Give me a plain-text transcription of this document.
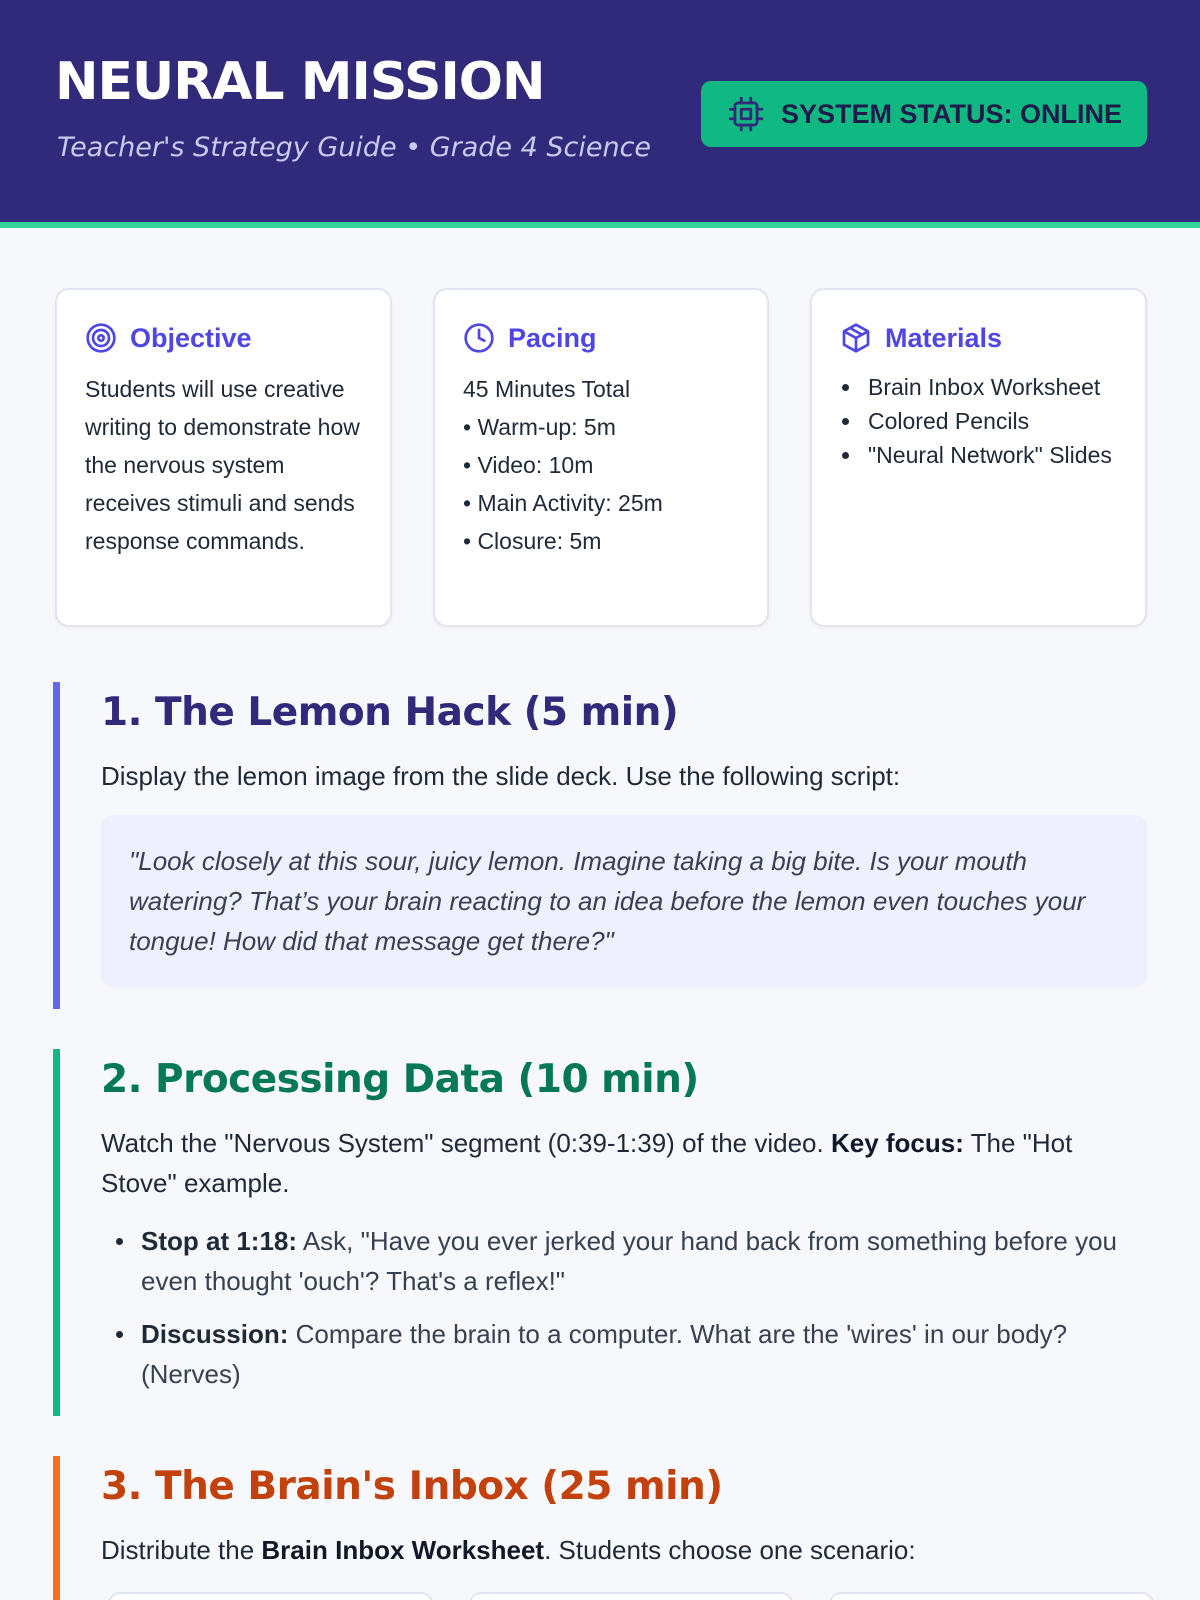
NEURAL MISSION
Teacher's Strategy Guide • Grade 4 Science
SYSTEM STATUS: ONLINE
Objective

Students will use creative writing to demonstrate how the nervous system receives stimuli and sends response commands.

Pacing
45 Minutes Total
• Warm-up: 5m
• Video: 10m
• Main Activity: 25m
• Closure: 5m
Materials
Brain Inbox Worksheet
Colored Pencils
"Neural Network" Slides
1. The Lemon Hack (5 min)

Display the lemon image from the slide deck. Use the following script:

"Look closely at this sour, juicy lemon. Imagine taking a big bite. Is your mouth watering? That’s your brain reacting to an idea before the lemon even touches your tongue! How did that message get there?"
2. Processing Data (10 min)

Watch the "Nervous System" segment (0:39-1:39) of the video. Key focus: The "Hot Stove" example.

Stop at 1:18: Ask, "Have you ever jerked your hand back from something before you even thought 'ouch'? That's a reflex!"
Discussion: Compare the brain to a computer. What are the 'wires' in our body? (Nerves)
3. The Brain's Inbox (25 min)

Distribute the Brain Inbox Worksheet. Students choose one scenario:
